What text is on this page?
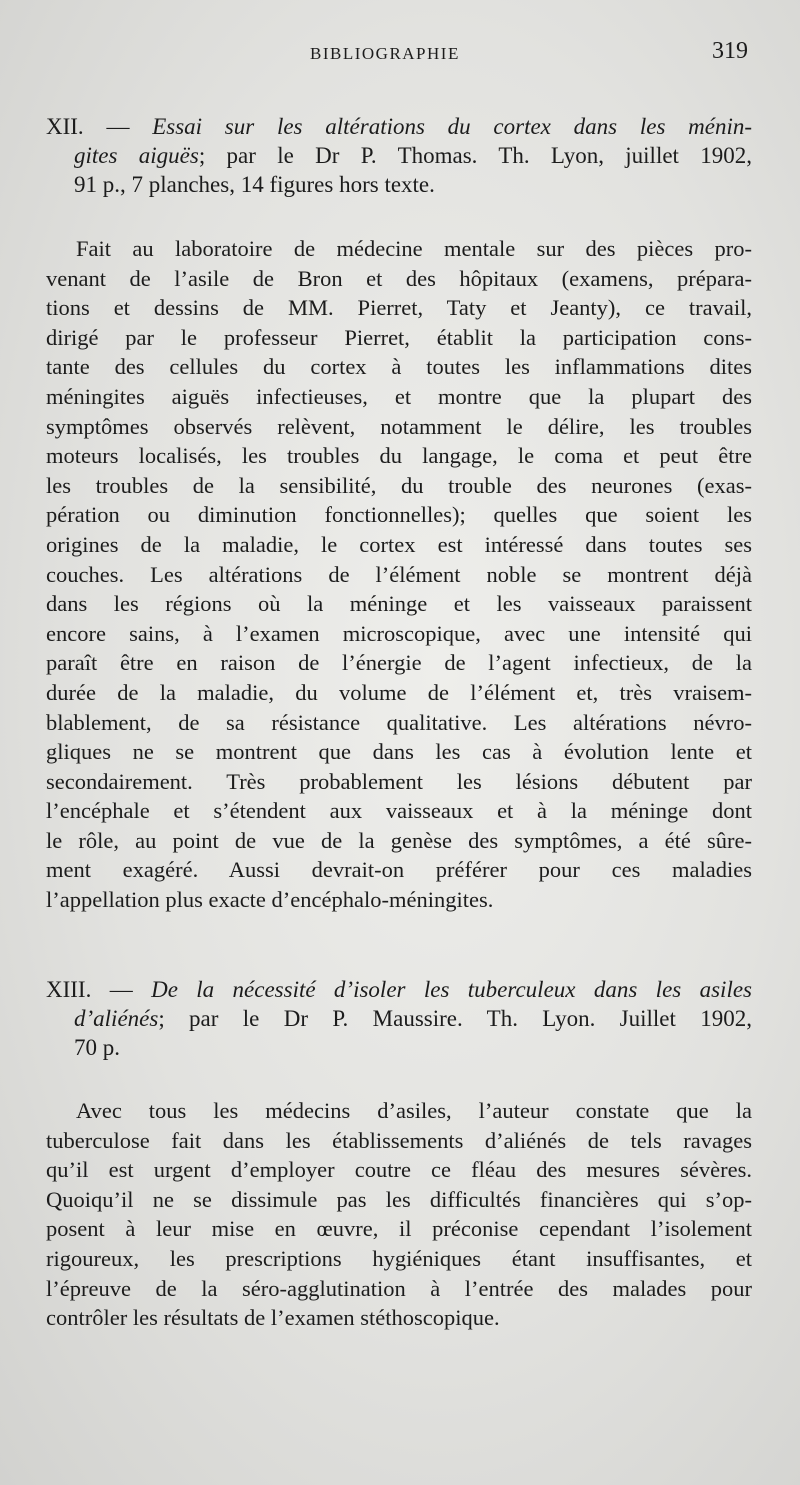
BIBLIOGRAPHIE	319
XII. — Essai sur les altérations du cortex dans les ménin-
gites aiguës; par le Dr P. Thomas. Th. Lyon, juillet 1902,
91 p., 7 planches, 14 figures hors texte.
Fait au laboratoire de médecine mentale sur des pièces pro-
venant de l’asile de Bron et des hôpitaux (examens, prépara-
tions et dessins de MM. Pierret, Taty et Jeanty), ce travail,
dirigé par le professeur Pierret, établit la participation cons-
tante des cellules du cortex à toutes les inflammations dites
méningites aiguës infectieuses, et montre que la plupart des
symptômes observés relèvent, notamment le délire, les troubles
moteurs localisés, les troubles du langage, le coma et peut être
les troubles de la sensibilité, du trouble des neurones (exas-
pération ou diminution fonctionnelles); quelles que soient les
origines de la maladie, le cortex est intéressé dans toutes ses
couches. Les altérations de l’élément noble se montrent déjà
dans les régions où la méninge et les vaisseaux paraissent
encore sains, à l’examen microscopique, avec une intensité qui
paraît être en raison de l’énergie de l’agent infectieux, de la
durée de la maladie, du volume de l’élément et, très vraisem-
blablement, de sa résistance qualitative. Les altérations névro-
gliques ne se montrent que dans les cas à évolution lente et
secondairement. Très probablement les lésions débutent par
l’encéphale et s’étendent aux vaisseaux et à la méninge dont
le rôle, au point de vue de la genèse des symptômes, a été sûre-
ment exagéré. Aussi devrait-on préférer pour ces maladies
l’appellation plus exacte d’encéphalo-méningites.
XIII. — De la nécessité d’isoler les tuberculeux dans les asiles
d’aliénés; par le Dr P. Maussire. Th. Lyon. Juillet 1902,
70 p.
Avec tous les médecins d’asiles, l’auteur constate que la
tuberculose fait dans les établissements d’aliénés de tels ravages
qu’il est urgent d’employer coutre ce fléau des mesures sévères.
Quoiqu’il ne se dissimule pas les difficultés financières qui s’op-
posent à leur mise en œuvre, il préconise cependant l’isolement
rigoureux, les prescriptions hygiéniques étant insuffisantes, et
l’épreuve de la séro-agglutination à l’entrée des malades pour
contrôler les résultats de l’examen stéthoscopique.
